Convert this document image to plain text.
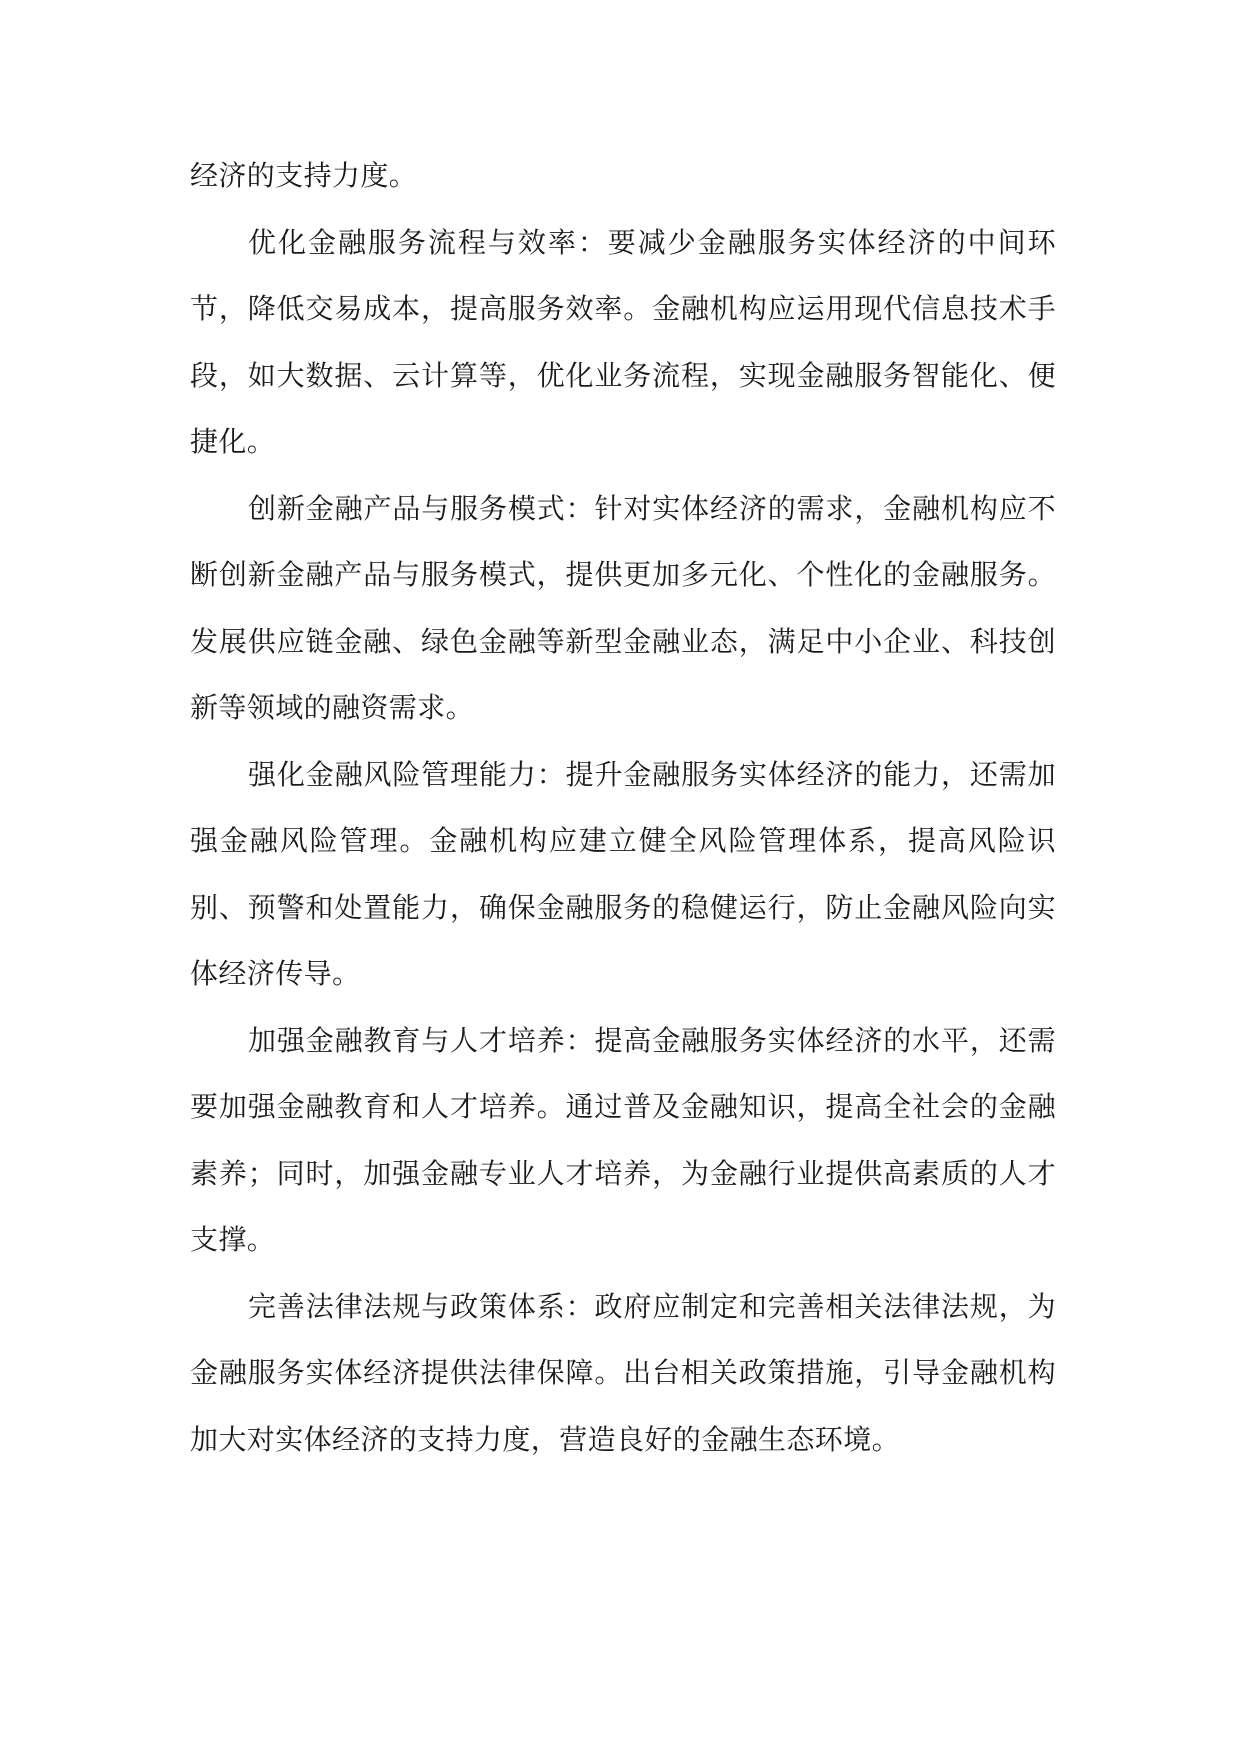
经济的支持力度。

优化金融服务流程与效率：要减少金融服务实体经济的中间环节，降低交易成本，提高服务效率。金融机构应运用现代信息技术手段，如大数据、云计算等，优化业务流程，实现金融服务智能化、便捷化。

创新金融产品与服务模式：针对实体经济的需求，金融机构应不断创新金融产品与服务模式，提供更加多元化、个性化的金融服务。发展供应链金融、绿色金融等新型金融业态，满足中小企业、科技创新等领域的融资需求。

强化金融风险管理能力：提升金融服务实体经济的能力，还需加强金融风险管理。金融机构应建立健全风险管理体系，提高风险识别、预警和处置能力，确保金融服务的稳健运行，防止金融风险向实体经济传导。

加强金融教育与人才培养：提高金融服务实体经济的水平，还需要加强金融教育和人才培养。通过普及金融知识，提高全社会的金融素养；同时，加强金融专业人才培养，为金融行业提供高素质的人才支撑。

完善法律法规与政策体系：政府应制定和完善相关法律法规，为金融服务实体经济提供法律保障。出台相关政策措施，引导金融机构加大对实体经济的支持力度，营造良好的金融生态环境。
